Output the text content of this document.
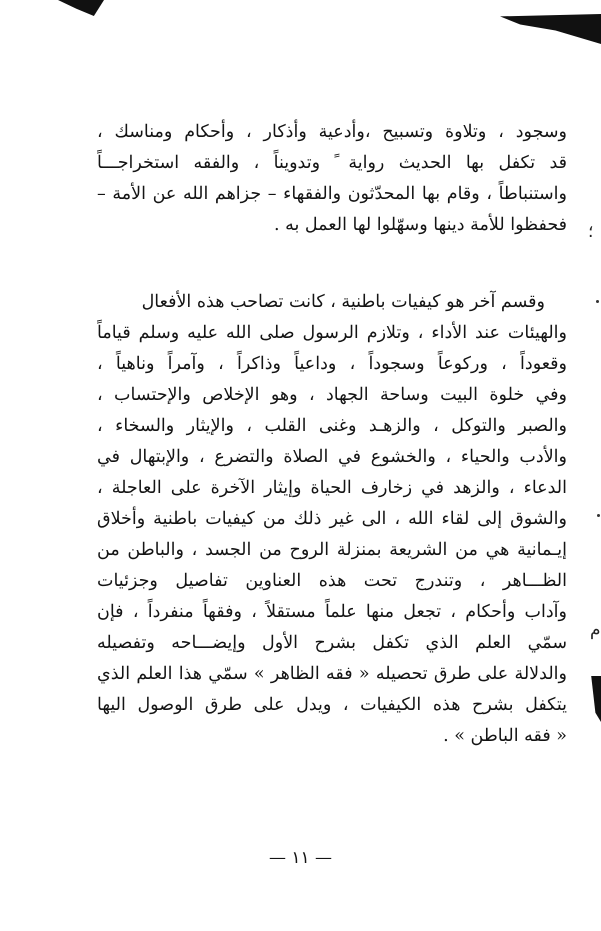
؛
م
وسجود ، وتلاوة وتسبيح ،وأدعية وأذكار ، وأحكام ومناسك ،
قد تكفل بها الحديث رواية ً وتدويناً ، والفقه استخراجـــاً
واستنباطاً ، وقام بها المحدّثون والفقهاء – جزاهم الله عن الأمة –
فحفظوا للأمة دينها وسهّلوا لها العمل به .
وقسم آخر هو كيفيات باطنية ، كانت تصاحب هذه الأفعال
والهيئات عند الأداء ، وتلازم الرسول صلى الله عليه وسلم قياماً
وقعوداً ، وركوعاً وسجوداً ، وداعياً وذاكراً ، وآمراً وناهياً ،
وفي خلوة البيت وساحة الجهاد ، وهو الإخلاص والإحتساب ،
والصبر والتوكل ، والزهـد وغنى القلب ، والإيثار والسخاء ،
والأدب والحياء ، والخشوع في الصلاة والتضرع ، والإبتهال في
الدعاء ، والزهد في زخارف الحياة وإيثار الآخرة على العاجلة ،
والشوق إلى لقاء الله ، الى غير ذلك من كيفيات باطنية وأخلاق
إيـمانية هي من الشريعة بمنزلة الروح من الجسد ، والباطن من
الظـــاهر ، وتندرج تحت هذه العناوين تفاصيل وجزئيات
وآداب وأحكام ، تجعل منها علماً مستقلاً ، وفقهاً منفرداً ، فإن
سمّي العلم الذي تكفل بشرح الأول وإيضـــاحه وتفصيله
والدلالة على طرق تحصيله « فقه الظاهر » سمّي هذا العلم الذي
يتكفل بشرح هذه الكيفيات ، ويدل على طرق الوصول اليها
« فقه الباطن » .
— ١١ —
